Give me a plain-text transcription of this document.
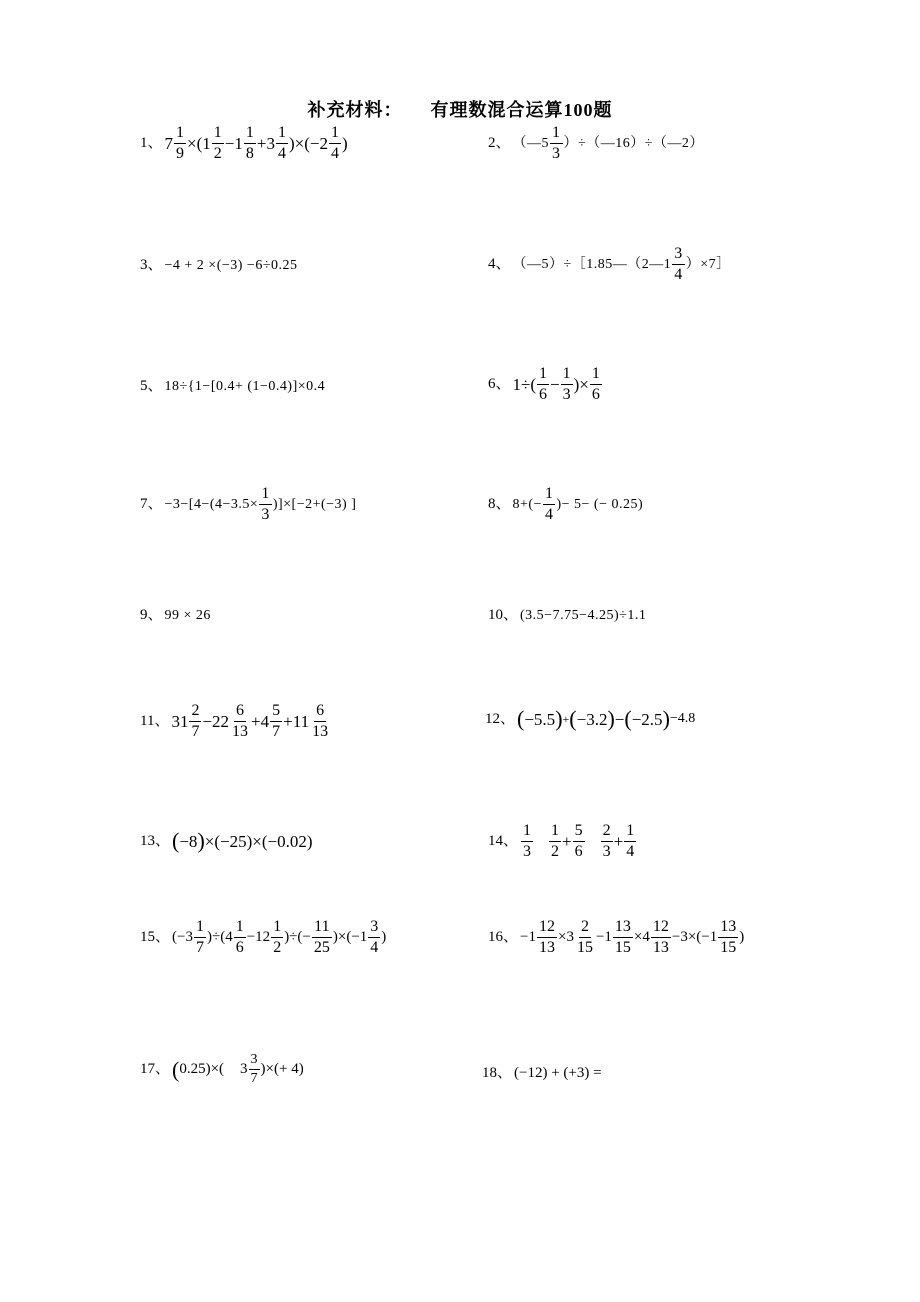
补充材料： 有理数混合运算100题
1、 $7 \frac{1}{9} \times(1$
1
2
−1
1
8
+3
1
4
)×(−2
1
4
)	2、 （—5
1
3
）÷（—16）÷（—2）
3、 −4 + 2 ×(−3) −6÷0.25	4、 （—5）÷［1.85—（2—1
3
4
）×7］
5、 18÷{1−[0.4+ (1−0.4)]×0.4	6、 1÷(
1
6
− $\frac{1}{3}$ )× $\frac{1}{6}$
7、 $-3-[4-(4-3.5\times \frac{1}{3} )]\times[-2+(-3)$ ]	8、 $8+(- \frac{1}{4}$ )− 5− (− 0.25)
9、 99 × 26	10、 (3.5−7.75−4.25)÷1.1
11、 31
2
7
−22
6
13
+4
5
7
+11
6
13
12、 ( −5.5 ) + ( −3.2 ) − ( −2.5 ) −4.8
13、 ( −8 ) ×(−25)×(−0.02)	14、
1
3
1
2
+ $\frac{5}{6} 2$
3
+ $\frac{1}{4}$
15、 (−3
1
7
)÷(4
1
6
−12
1
2
)÷(− $\frac{11}{25} )\times(-1$
3
4
)	16、 $-1 \frac{12}{13} \times 3$
2
15
$-1 \frac{13}{15} \times 4$
12
13
−3×(−1
13
15
)
17、 ( 0.25)×( 3
3
7
)× (+ 4)	18、 (−12) + (+3) =
